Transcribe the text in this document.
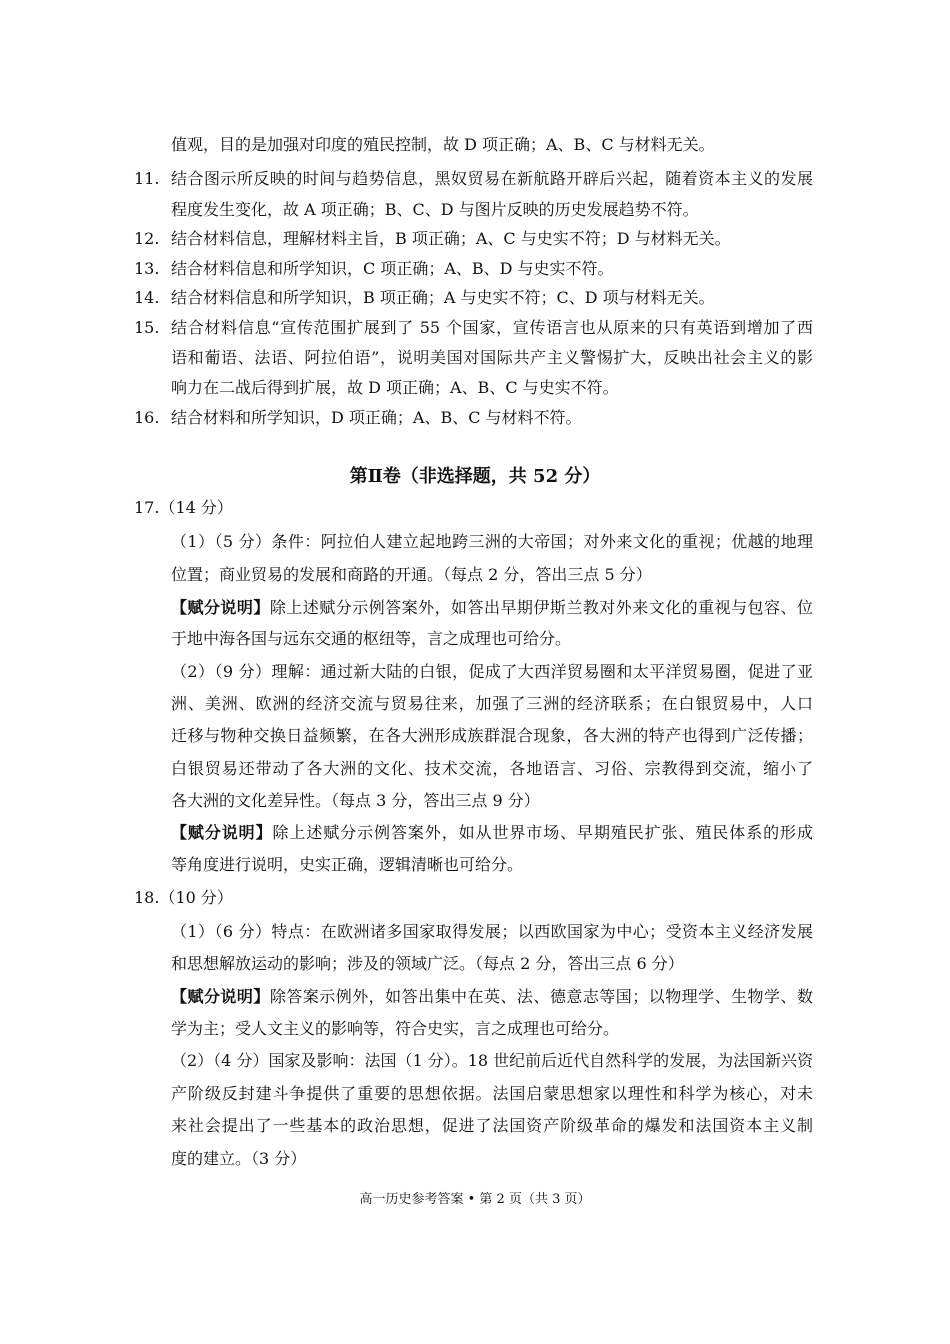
值观，目的是加强对印度的殖民控制，故 D 项正确；A、B、C 与材料无关。
11. 结合图示所反映的时间与趋势信息，黑奴贸易在新航路开辟后兴起，随着资本主义的发展
程度发生变化，故 A 项正确；B、C、D 与图片反映的历史发展趋势不符。
12. 结合材料信息，理解材料主旨，B 项正确；A、C 与史实不符；D 与材料无关。
13. 结合材料信息和所学知识，C 项正确；A、B、D 与史实不符。
14. 结合材料信息和所学知识，B 项正确；A 与史实不符；C、D 项与材料无关。
15. 结合材料信息“宣传范围扩展到了 55 个国家，宣传语言也从原来的只有英语到增加了西
语和葡语、法语、阿拉伯语”，说明美国对国际共产主义警惕扩大，反映出社会主义的影
响力在二战后得到扩展，故 D 项正确；A、B、C 与史实不符。
16. 结合材料和所学知识，D 项正确；A、B、C 与材料不符。
第Ⅱ卷（非选择题，共 52 分）
17.（14 分）
（1）（5 分）条件：阿拉伯人建立起地跨三洲的大帝国；对外来文化的重视；优越的地理
位置；商业贸易的发展和商路的开通。（每点 2 分，答出三点 5 分）
【赋分说明】除上述赋分示例答案外，如答出早期伊斯兰教对外来文化的重视与包容、位
于地中海各国与远东交通的枢纽等，言之成理也可给分。
（2）（9 分）理解：通过新大陆的白银，促成了大西洋贸易圈和太平洋贸易圈，促进了亚
洲、美洲、欧洲的经济交流与贸易往来，加强了三洲的经济联系；在白银贸易中，人口
迁移与物种交换日益频繁，在各大洲形成族群混合现象，各大洲的特产也得到广泛传播；
白银贸易还带动了各大洲的文化、技术交流，各地语言、习俗、宗教得到交流，缩小了
各大洲的文化差异性。（每点 3 分，答出三点 9 分）
【赋分说明】除上述赋分示例答案外，如从世界市场、早期殖民扩张、殖民体系的形成
等角度进行说明，史实正确，逻辑清晰也可给分。
18.（10 分）
（1）（6 分）特点：在欧洲诸多国家取得发展；以西欧国家为中心；受资本主义经济发展
和思想解放运动的影响；涉及的领域广泛。（每点 2 分，答出三点 6 分）
【赋分说明】除答案示例外，如答出集中在英、法、德意志等国；以物理学、生物学、数
学为主；受人文主义的影响等，符合史实，言之成理也可给分。
（2）（4 分）国家及影响：法国（1 分）。18 世纪前后近代自然科学的发展，为法国新兴资
产阶级反封建斗争提供了重要的思想依据。法国启蒙思想家以理性和科学为核心，对未
来社会提出了一些基本的政治思想，促进了法国资产阶级革命的爆发和法国资本主义制
度的建立。（3 分）
高一历史参考答案 • 第 2 页（共 3 页）
